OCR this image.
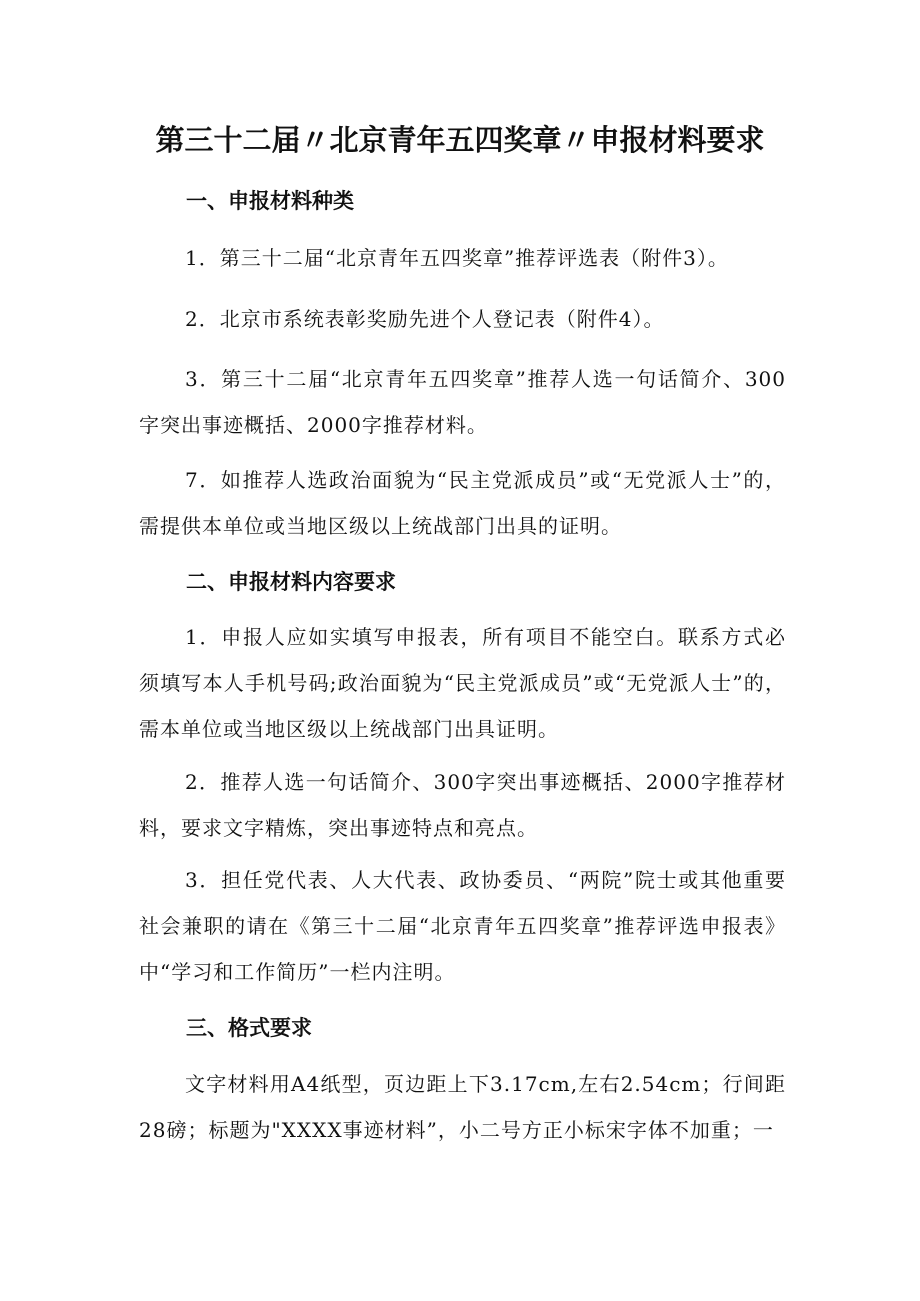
第三十二届〃北京青年五四奖章〃申报材料要求
一、申报材料种类

1．第三十二届“北京青年五四奖章”推荐评选表（附件3）。

2．北京市系统表彰奖励先进个人登记表（附件4）。

3．第三十二届“北京青年五四奖章”推荐人选一句话简介、300字突出事迹概括、2000字推荐材料。

7．如推荐人选政治面貌为“民主党派成员”或“无党派人士”的，需提供本单位或当地区级以上统战部门出具的证明。

二、申报材料内容要求

1．申报人应如实填写申报表，所有项目不能空白。联系方式必须填写本人手机号码;政治面貌为“民主党派成员”或“无党派人士”的，需本单位或当地区级以上统战部门出具证明。

2．推荐人选一句话简介、300字突出事迹概括、2000字推荐材料，要求文字精炼，突出事迹特点和亮点。

3．担任党代表、人大代表、政协委员、“两院”院士或其他重要社会兼职的请在《第三十二届“北京青年五四奖章”推荐评选申报表》中“学习和工作简历”一栏内注明。

三、格式要求

文字材料用A4纸型，页边距上下3.17cm,左右2.54cm；行间距28磅；标题为"XXXX事迹材料”，小二号方正小标宋字体不加重；一
